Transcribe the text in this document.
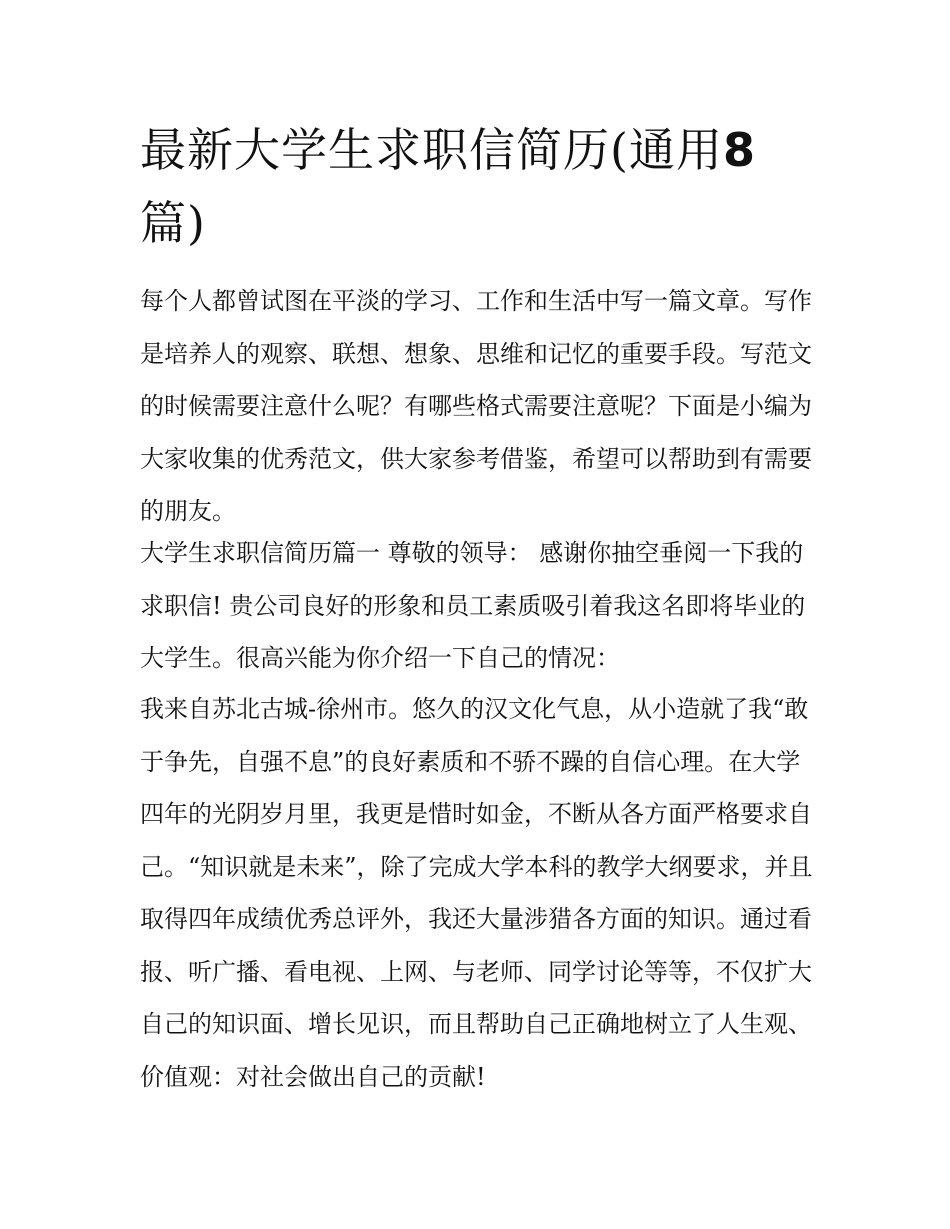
最新大学生求职信简历(通用8
篇)

每个人都曾试图在平淡的学习、工作和生活中写一篇文章。写作是培养人的观察、联想、想象、思维和记忆的重要手段。写范文的时候需要注意什么呢？有哪些格式需要注意呢？下面是小编为大家收集的优秀范文，供大家参考借鉴，希望可以帮助到有需要的朋友。

大学生求职信简历篇一 尊敬的领导： 感谢你抽空垂阅一下我的求职信! 贵公司良好的形象和员工素质吸引着我这名即将毕业的大学生。很高兴能为你介绍一下自己的情况：

我来自苏北古城-徐州市。悠久的汉文化气息，从小造就了我“敢于争先，自强不息”的良好素质和不骄不躁的自信心理。在大学四年的光阴岁月里，我更是惜时如金，不断从各方面严格要求自己。“知识就是未来”，除了完成大学本科的教学大纲要求，并且取得四年成绩优秀总评外，我还大量涉猎各方面的知识。通过看报、听广播、看电视、上网、与老师、同学讨论等等，不仅扩大自己的知识面、增长见识，而且帮助自己正确地树立了人生观、价值观：对社会做出自己的贡献!
